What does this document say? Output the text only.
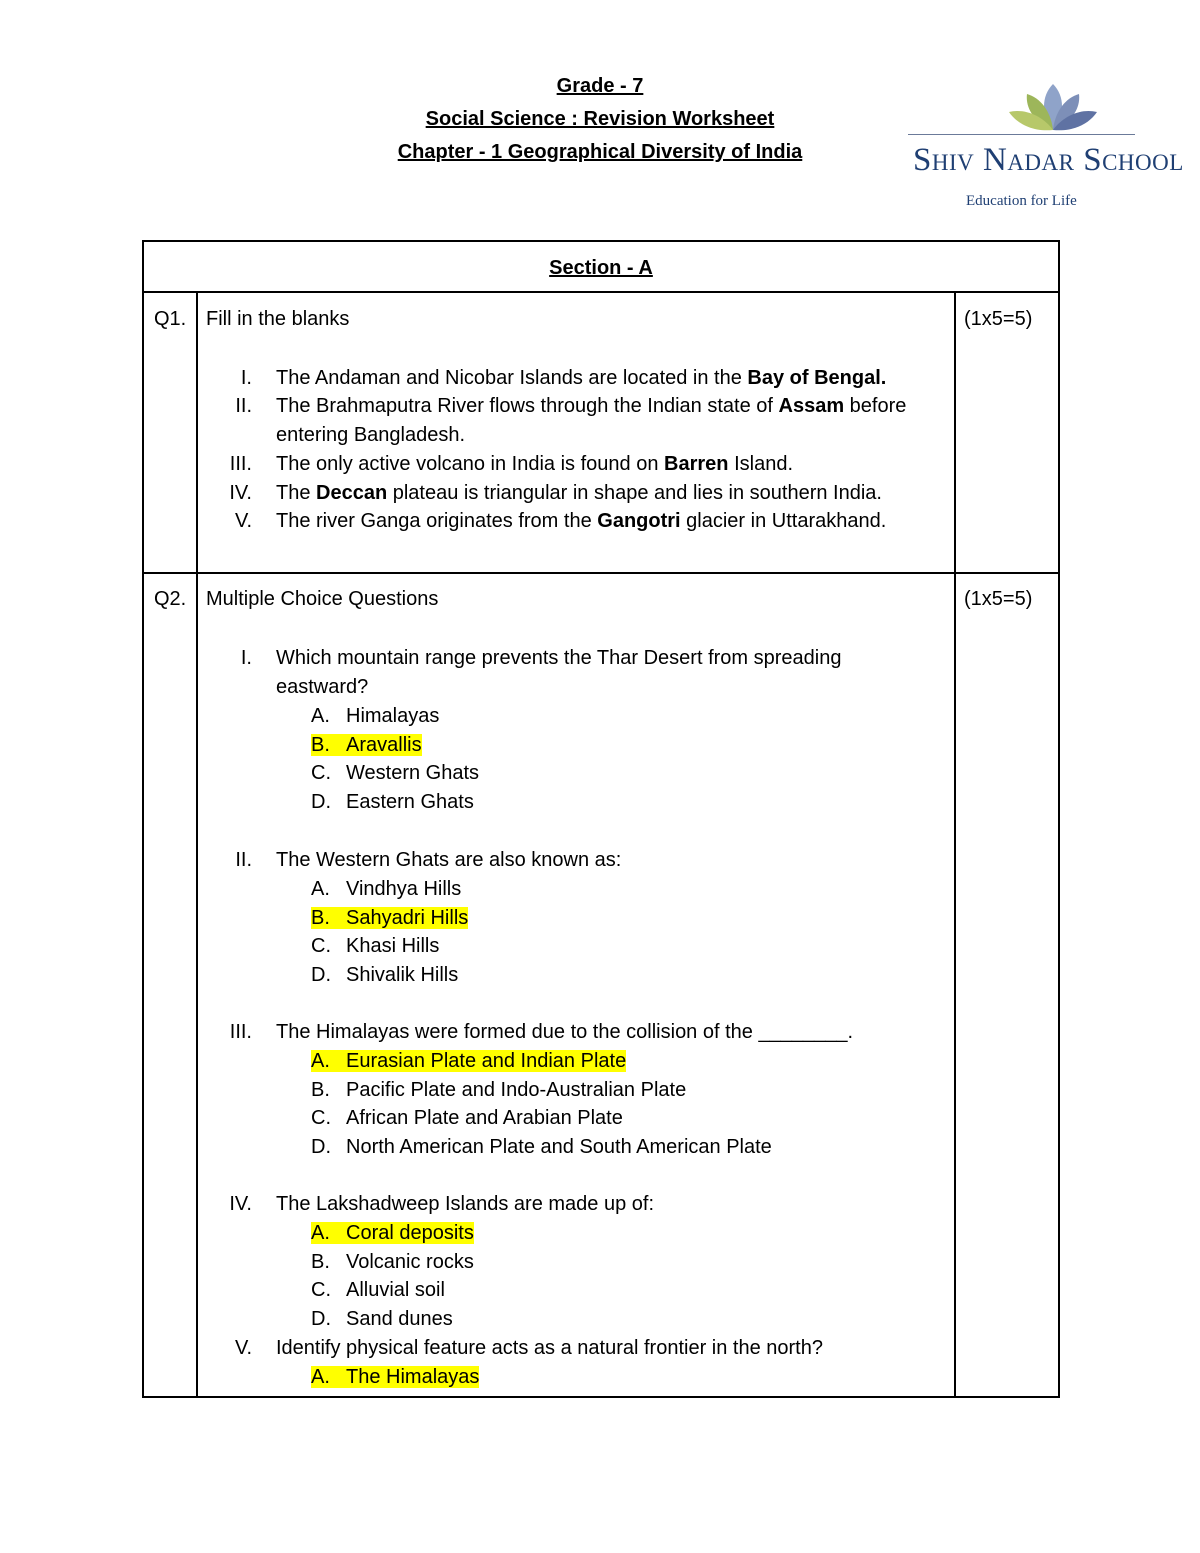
Grade - 7
Social Science : Revision Worksheet
Chapter - 1 Geographical Diversity of India	Shiv Nadar School
Education for Life
Section - A
Q1. Fill in the blanks	(1x5=5)
I. The Andaman and Nicobar Islands are located in the Bay of Bengal.
II. The Brahmaputra River flows through the Indian state of Assam before entering Bangladesh.
III. The only active volcano in India is found on Barren Island.
IV. The Deccan plateau is triangular in shape and lies in southern India.
V. The river Ganga originates from the Gangotri glacier in Uttarakhand.
Q2. Multiple Choice Questions	(1x5=5)
I. Which mountain range prevents the Thar Desert from spreading eastward?
A. Himalayas
B. Aravallis
C. Western Ghats
D. Eastern Ghats
II. The Western Ghats are also known as:
A. Vindhya Hills
B. Sahyadri Hills
C. Khasi Hills
D. Shivalik Hills
III. The Himalayas were formed due to the collision of the ________.
A. Eurasian Plate and Indian Plate
B. Pacific Plate and Indo-Australian Plate
C. African Plate and Arabian Plate
D. North American Plate and South American Plate
IV. The Lakshadweep Islands are made up of:
A. Coral deposits
B. Volcanic rocks
C. Alluvial soil
D. Sand dunes
V. Identify physical feature acts as a natural frontier in the north?
A. The Himalayas
